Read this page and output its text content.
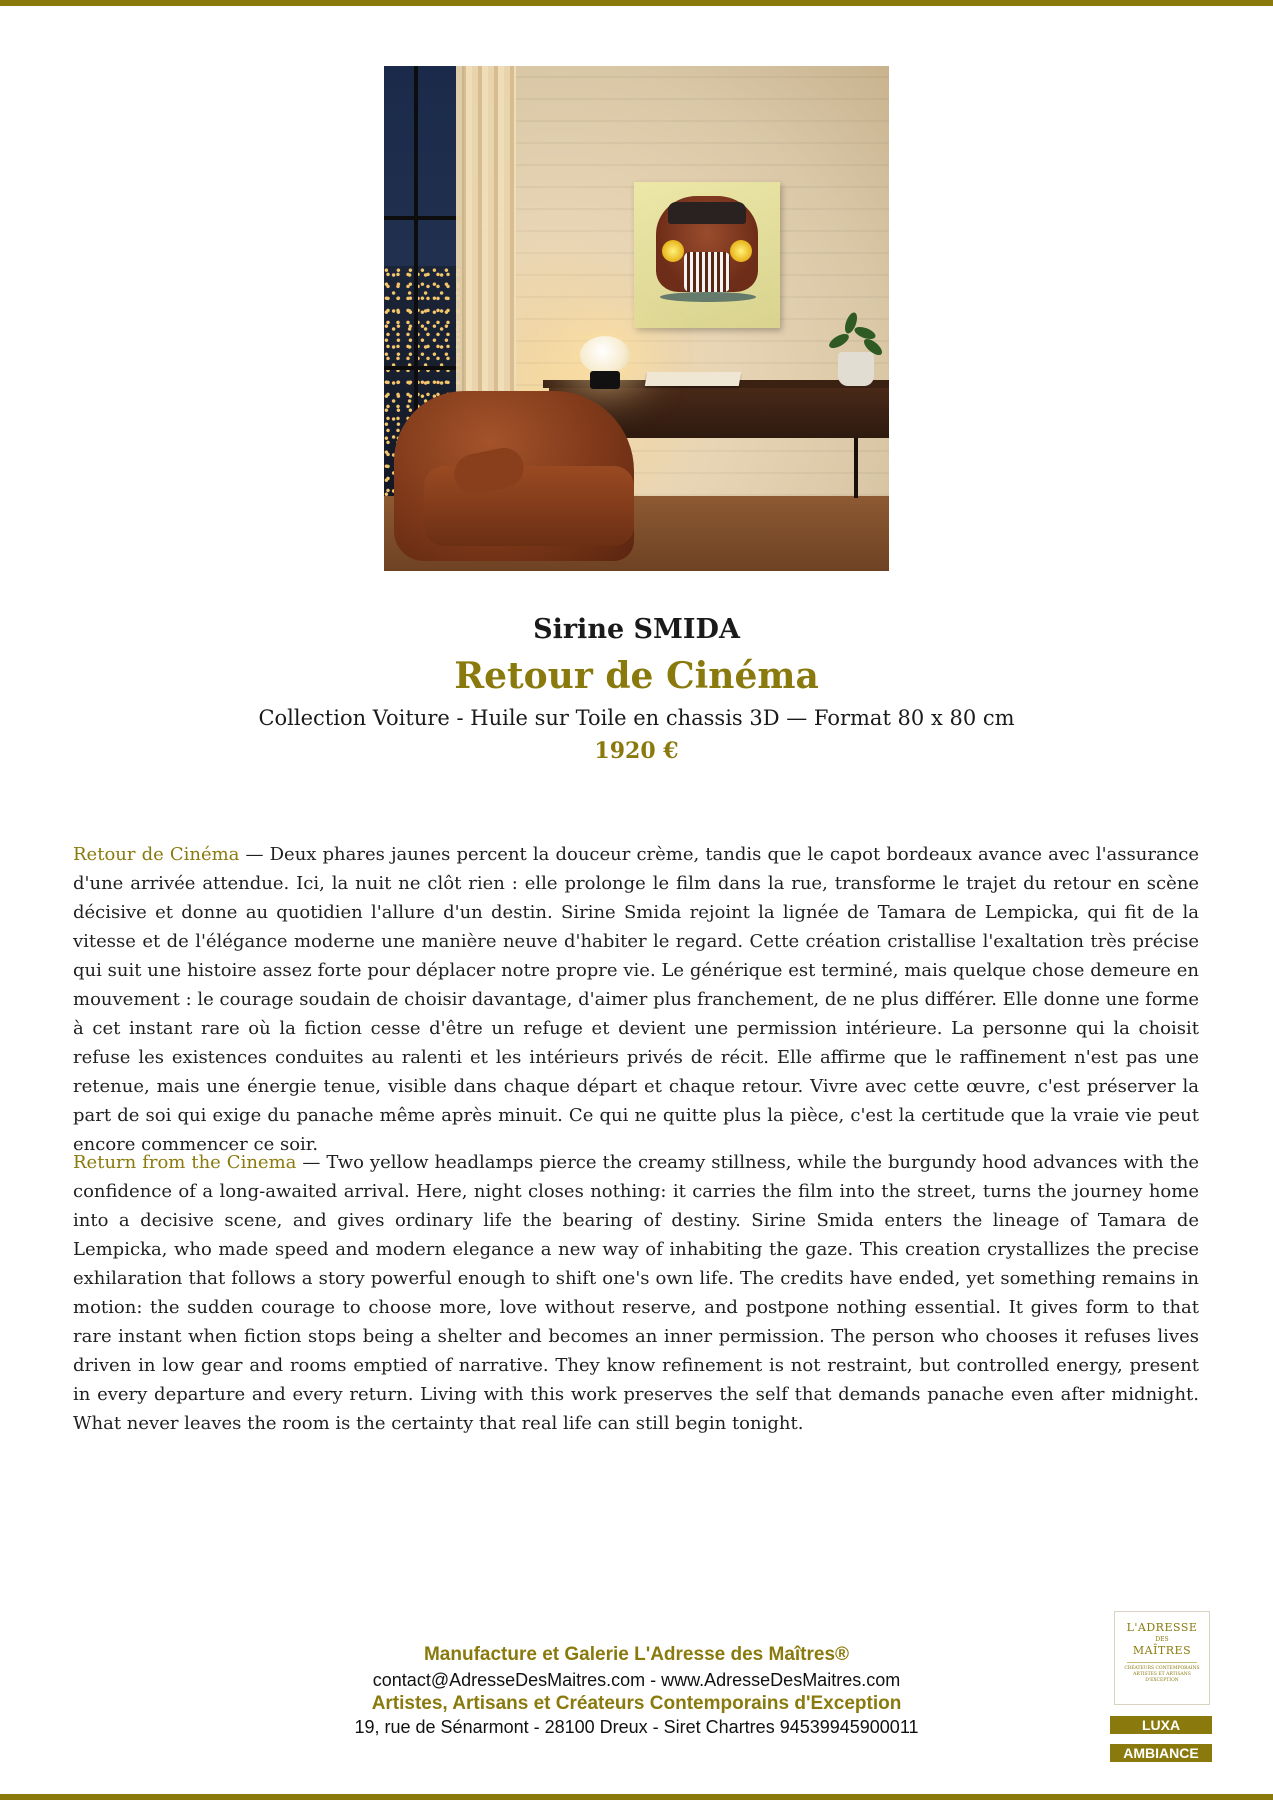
Sirine SMIDA
Retour de Cinéma
Collection Voiture - Huile sur Toile en chassis 3D — Format 80 x 80 cm
1920 €

Retour de Cinéma — Deux phares jaunes percent la douceur crème, tandis que le capot bordeaux avance avec l'assurance d'une arrivée attendue. Ici, la nuit ne clôt rien : elle prolonge le film dans la rue, transforme le trajet du retour en scène décisive et donne au quotidien l'allure d'un destin. Sirine Smida rejoint la lignée de Tamara de Lempicka, qui fit de la vitesse et de l'élégance moderne une manière neuve d'habiter le regard. Cette création cristallise l'exaltation très précise qui suit une histoire assez forte pour déplacer notre propre vie. Le générique est terminé, mais quelque chose demeure en mouvement : le courage soudain de choisir davantage, d'aimer plus franchement, de ne plus différer. Elle donne une forme à cet instant rare où la fiction cesse d'être un refuge et devient une permission intérieure. La personne qui la choisit refuse les existences conduites au ralenti et les intérieurs privés de récit. Elle affirme que le raffinement n'est pas une retenue, mais une énergie tenue, visible dans chaque départ et chaque retour. Vivre avec cette œuvre, c'est préserver la part de soi qui exige du panache même après minuit. Ce qui ne quitte plus la pièce, c'est la certitude que la vraie vie peut encore commencer ce soir.

Return from the Cinema — Two yellow headlamps pierce the creamy stillness, while the burgundy hood advances with the confidence of a long-awaited arrival. Here, night closes nothing: it carries the film into the street, turns the journey home into a decisive scene, and gives ordinary life the bearing of destiny. Sirine Smida enters the lineage of Tamara de Lempicka, who made speed and modern elegance a new way of inhabiting the gaze. This creation crystallizes the precise exhilaration that follows a story powerful enough to shift one's own life. The credits have ended, yet something remains in motion: the sudden courage to choose more, love without reserve, and postpone nothing essential. It gives form to that rare instant when fiction stops being a shelter and becomes an inner permission. The person who chooses it refuses lives driven in low gear and rooms emptied of narrative. They know refinement is not restraint, but controlled energy, present in every departure and every return. Living with this work preserves the self that demands panache even after midnight. What never leaves the room is the certainty that real life can still begin tonight.

Manufacture et Galerie L'Adresse des Maîtres®
contact@AdresseDesMaitres.com - www.AdresseDesMaitres.com
Artistes, Artisans et Créateurs Contemporains d'Exception
19, rue de Sénarmont - 28100 Dreux - Siret Chartres 94539945900011
L'ADRESSE
DES
MAÎTRES
CRÉATEURS CONTEMPORAINS ARTISTES ET ARTISANS D'EXCEPTION
LUXA
AMBIANCE
